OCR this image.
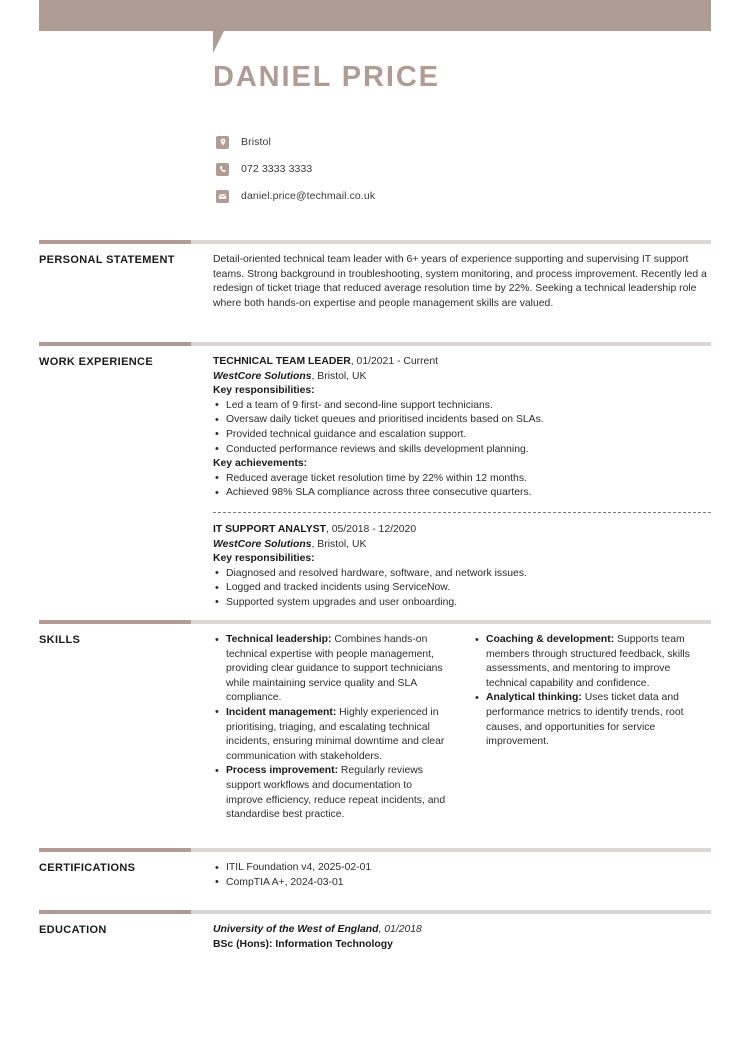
DANIEL PRICE
Bristol
072 3333 3333
daniel.price@techmail.co.uk
PERSONAL STATEMENT	Detail-oriented technical team leader with 6+ years of experience supporting and supervising IT support teams. Strong background in troubleshooting, system monitoring, and process improvement. Recently led a redesign of ticket triage that reduced average resolution time by 22%. Seeking a technical leadership role where both hands-on expertise and people management skills are valued.
WORK EXPERIENCE	TECHNICAL TEAM LEADER, 01/2021 - Current
WestCore Solutions, Bristol, UK
Key responsibilities:
• Led a team of 9 first- and second-line support technicians.
• Oversaw daily ticket queues and prioritised incidents based on SLAs.
• Provided technical guidance and escalation support.
• Conducted performance reviews and skills development planning.
Key achievements:
• Reduced average ticket resolution time by 22% within 12 months.
• Achieved 98% SLA compliance across three consecutive quarters.
IT SUPPORT ANALYST, 05/2018 - 12/2020
WestCore Solutions, Bristol, UK
Key responsibilities:
• Diagnosed and resolved hardware, software, and network issues.
• Logged and tracked incidents using ServiceNow.
• Supported system upgrades and user onboarding.
SKILLS	• Technical leadership: Combines hands-on technical expertise with people management, providing clear guidance to support technicians while maintaining service quality and SLA compliance.
• Incident management: Highly experienced in prioritising, triaging, and escalating technical incidents, ensuring minimal downtime and clear communication with stakeholders.
• Process improvement: Regularly reviews support workflows and documentation to improve efficiency, reduce repeat incidents, and standardise best practice.
• Coaching & development: Supports team members through structured feedback, skills assessments, and mentoring to improve technical capability and confidence.
• Analytical thinking: Uses ticket data and performance metrics to identify trends, root causes, and opportunities for service improvement.
CERTIFICATIONS	• ITIL Foundation v4, 2025-02-01
• CompTIA A+, 2024-03-01
EDUCATION	University of the West of England, 01/2018
BSc (Hons): Information Technology
